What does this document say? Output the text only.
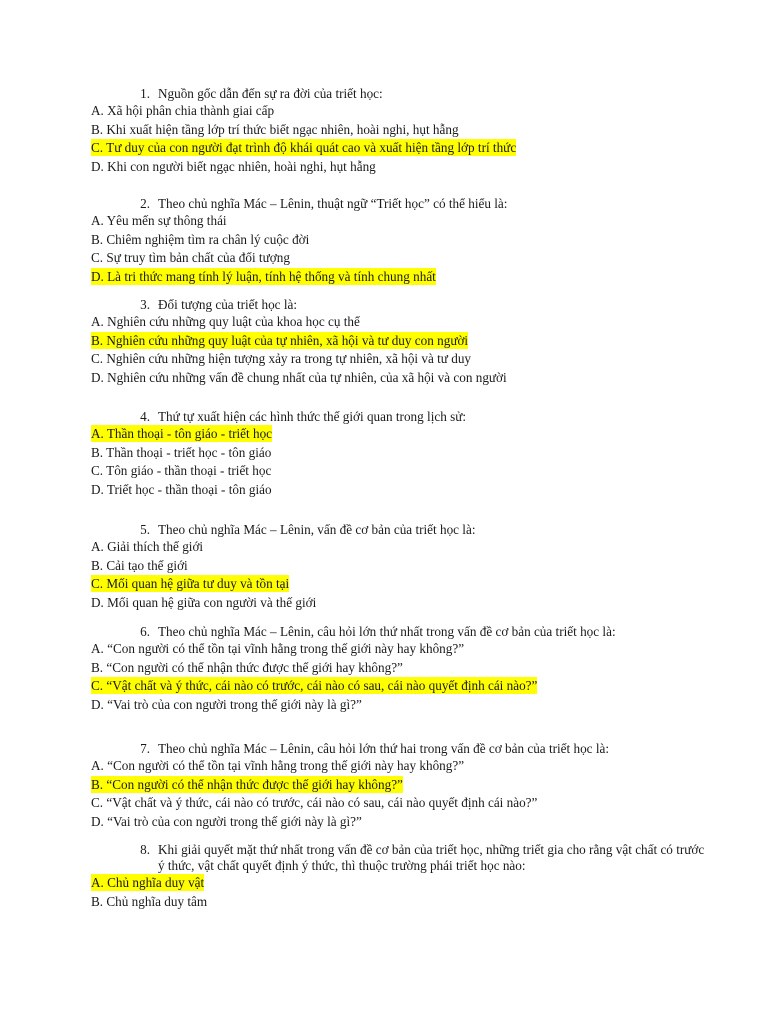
1. Nguồn gốc dẫn đến sự ra đời của triết học:
A. Xã hội phân chia thành giai cấp
B. Khi xuất hiện tầng lớp trí thức biết ngạc nhiên, hoài nghi, hụt hẫng
C. Tư duy của con người đạt trình độ khái quát cao và xuất hiện tầng lớp trí thức
D. Khi con người biết ngạc nhiên, hoài nghi, hụt hẫng
2. Theo chủ nghĩa Mác – Lênin, thuật ngữ “Triết học” có thể hiểu là:
A. Yêu mến sự thông thái
B. Chiêm nghiệm tìm ra chân lý cuộc đời
C. Sự truy tìm bản chất của đối tượng
D. Là tri thức mang tính lý luận, tính hệ thống và tính chung nhất
3. Đối tượng của triết học là:
A. Nghiên cứu những quy luật của khoa học cụ thể
B. Nghiên cứu những quy luật của tự nhiên, xã hội và tư duy con người
C. Nghiên cứu những hiện tượng xảy ra trong tự nhiên, xã hội và tư duy
D. Nghiên cứu những vấn đề chung nhất của tự nhiên, của xã hội và con người
4. Thứ tự xuất hiện các hình thức thế giới quan trong lịch sử:
A. Thần thoại - tôn giáo - triết học
B. Thần thoại - triết học - tôn giáo
C. Tôn giáo - thần thoại - triết học
D. Triết học - thần thoại - tôn giáo
5. Theo chủ nghĩa Mác – Lênin, vấn đề cơ bản của triết học là:
A. Giải thích thế giới
B. Cải tạo thế giới
C. Mối quan hệ giữa tư duy và tồn tại
D. Mối quan hệ giữa con người và thế giới
6. Theo chủ nghĩa Mác – Lênin, câu hỏi lớn thứ nhất trong vấn đề cơ bản của triết học là:
A. “Con người có thể tồn tại vĩnh hằng trong thế giới này hay không?”
B. “Con người có thể nhận thức được thế giới hay không?”
C. “Vật chất và ý thức, cái nào có trước, cái nào có sau, cái nào quyết định cái nào?”
D. “Vai trò của con người trong thế giới này là gì?”
7. Theo chủ nghĩa Mác – Lênin, câu hỏi lớn thứ hai trong vấn đề cơ bản của triết học là:
A. “Con người có thể tồn tại vĩnh hằng trong thế giới này hay không?”
B. “Con người có thể nhận thức được thế giới hay không?”
C. “Vật chất và ý thức, cái nào có trước, cái nào có sau, cái nào quyết định cái nào?”
D. “Vai trò của con người trong thế giới này là gì?”
8. Khi giải quyết mặt thứ nhất trong vấn đề cơ bản của triết học, những triết gia cho rằng vật chất có trước ý thức, vật chất quyết định ý thức, thì thuộc trường phái triết học nào:
A. Chủ nghĩa duy vật
B. Chủ nghĩa duy tâm
